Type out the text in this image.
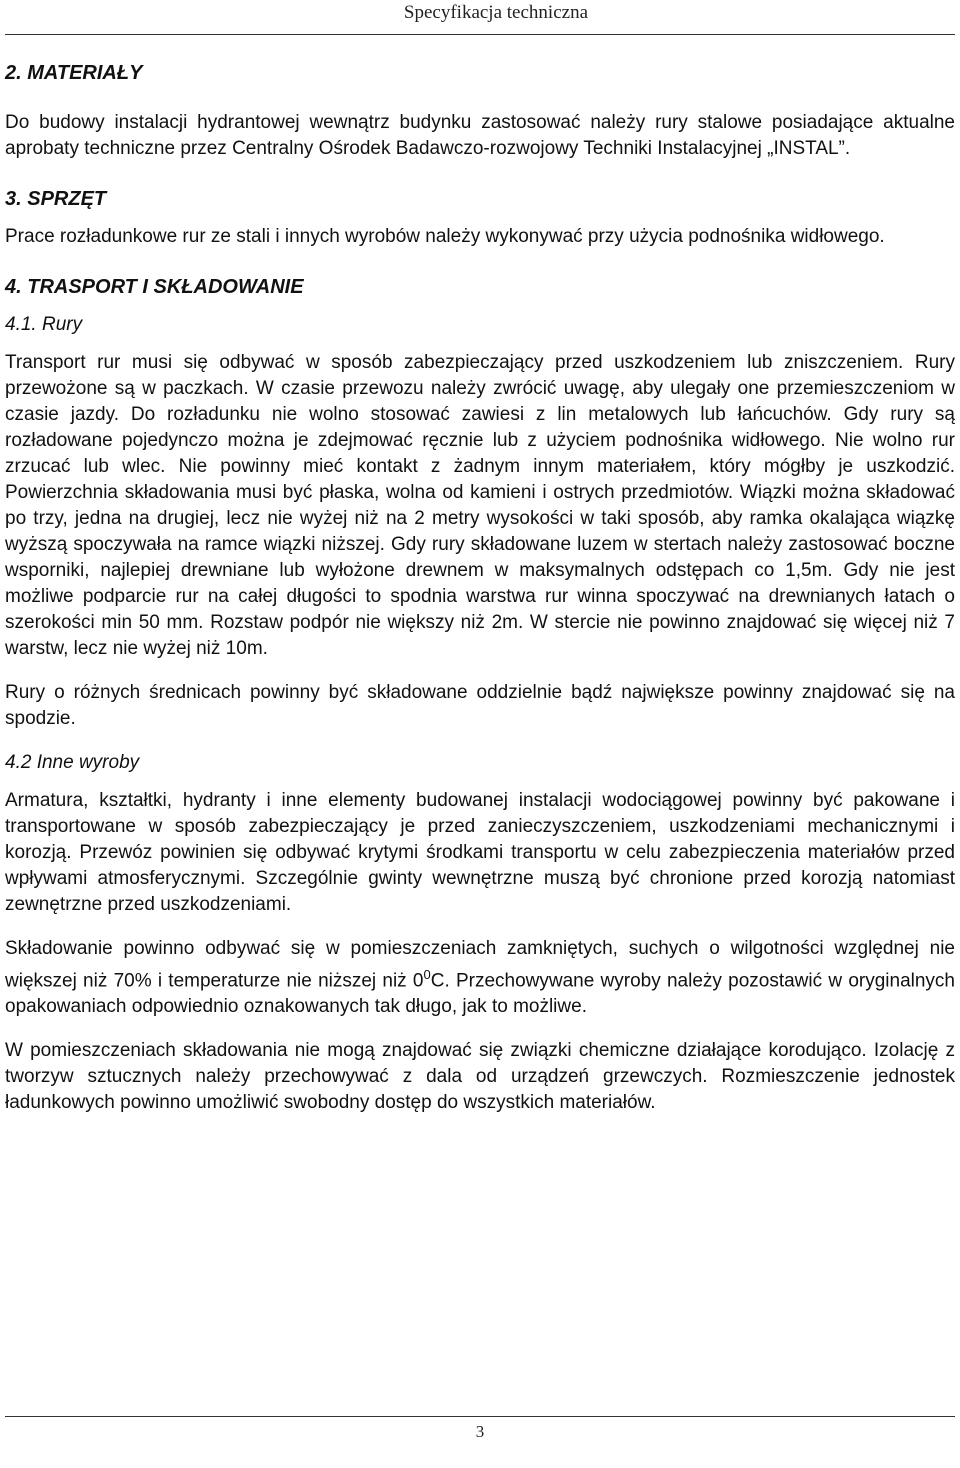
Specyfikacja techniczna
2. MATERIAŁY

Do budowy instalacji hydrantowej wewnątrz budynku zastosować należy rury stalowe posiadające aktualne aprobaty techniczne przez Centralny Ośrodek Badawczo-rozwojowy Techniki Instalacyjnej „INSTAL”.

3. SPRZĘT

Prace rozładunkowe rur ze stali i innych wyrobów należy wykonywać przy użycia podnośnika widłowego.

4. TRASPORT I SKŁADOWANIE
4.1. Rury

Transport rur musi się odbywać w sposób zabezpieczający przed uszkodzeniem lub zniszczeniem. Rury przewożone są w paczkach. W czasie przewozu należy zwrócić uwagę, aby ulegały one przemieszczeniom w czasie jazdy. Do rozładunku nie wolno stosować zawiesi z lin metalowych lub łańcuchów. Gdy rury są rozładowane pojedynczo można je zdejmować ręcznie lub z użyciem podnośnika widłowego. Nie wolno rur zrzucać lub wlec. Nie powinny mieć kontakt z żadnym innym materiałem, który mógłby je uszkodzić. Powierzchnia składowania musi być płaska, wolna od kamieni i ostrych przedmiotów. Wiązki można składować po trzy, jedna na drugiej, lecz nie wyżej niż na 2 metry wysokości w taki sposób, aby ramka okalająca wiązkę wyższą spoczywała na ramce wiązki niższej. Gdy rury składowane luzem w stertach należy zastosować boczne wsporniki, najlepiej drewniane lub wyłożone drewnem w maksymalnych odstępach co 1,5m. Gdy nie jest możliwe podparcie rur na całej długości to spodnia warstwa rur winna spoczywać na drewnianych łatach o szerokości min 50 mm. Rozstaw podpór nie większy niż 2m. W stercie nie powinno znajdować się więcej niż 7 warstw, lecz nie wyżej niż 10m.

Rury o różnych średnicach powinny być składowane oddzielnie bądź największe powinny znajdować się na spodzie.

4.2 Inne wyroby

Armatura, kształtki, hydranty i inne elementy budowanej instalacji wodociągowej powinny być pakowane i transportowane w sposób zabezpieczający je przed zanieczyszczeniem, uszkodzeniami mechanicznymi i korozją. Przewóz powinien się odbywać krytymi środkami transportu w celu zabezpieczenia materiałów przed wpływami atmosferycznymi. Szczególnie gwinty wewnętrzne muszą być chronione przed korozją natomiast zewnętrzne przed uszkodzeniami.

Składowanie powinno odbywać się w pomieszczeniach zamkniętych, suchych o wilgotności względnej nie większej niż 70% i temperaturze nie niższej niż $0^0C$. Przechowywane wyroby należy pozostawić w oryginalnych opakowaniach odpowiednio oznakowanych tak długo, jak to możliwe.

W pomieszczeniach składowania nie mogą znajdować się związki chemiczne działające korodująco. Izolację z tworzyw sztucznych należy przechowywać z dala od urządzeń grzewczych. Rozmieszczenie jednostek ładunkowych powinno umożliwić swobodny dostęp do wszystkich materiałów.

3
